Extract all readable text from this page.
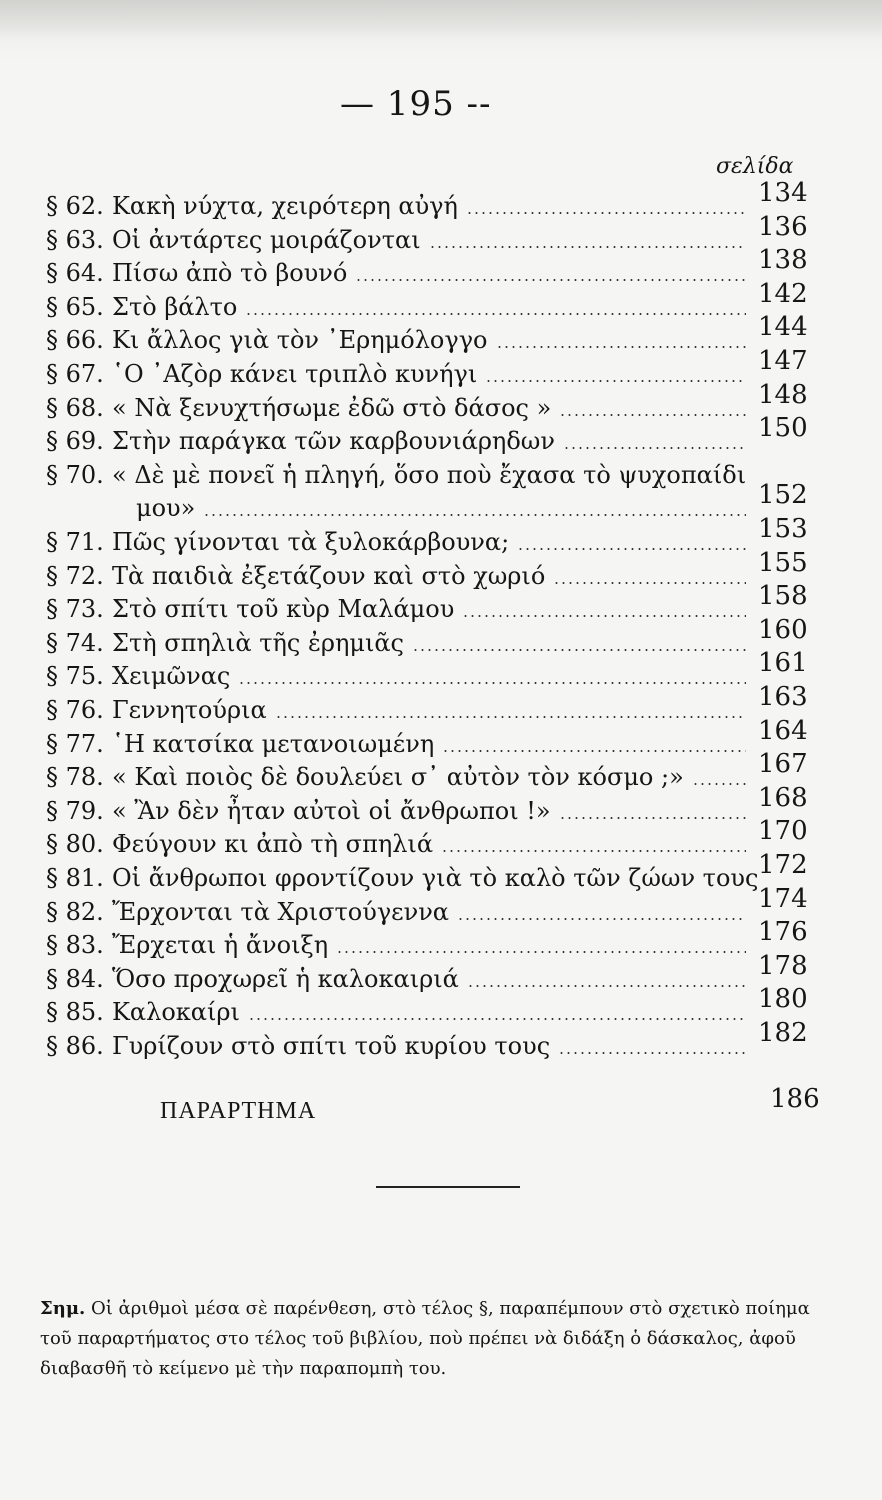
— 195 --
σελίδα
§ 62. Κακὴ νύχτα, χειρότερη αὐγή	134
§ 63. Οἱ ἀντάρτες μοιράζονται	136
§ 64. Πίσω ἀπὸ τὸ βουνό	138
§ 65. Στὸ βάλτο	142
§ 66. Κι ἄλλος γιὰ τὸν ᾿Ερημόλογγο	144
§ 67. ῾Ο ᾿Αζὸρ κάνει τριπλὸ κυνήγι	147
§ 68. « Νὰ ξενυχτήσωμε ἐδῶ στὸ δάσος »	148
§ 69. Στὴν παράγκα τῶν καρβουνιάρηδων	150
§ 70. « Δὲ μὲ πονεῖ ἡ πληγή, ὅσο ποὺ ἔχασα τὸ ψυχοπαίδι
μου»	152
§ 71. Πῶς γίνονται τὰ ξυλοκάρβουνα;	153
§ 72. Τὰ παιδιὰ ἐξετάζουν καὶ στὸ χωριό	155
§ 73. Στὸ σπίτι τοῦ κὺρ Μαλάμου	158
§ 74. Στὴ σπηλιὰ τῆς ἐρημιᾶς	160
§ 75. Χειμῶνας	161
§ 76. Γεννητούρια	163
§ 77. ῾Η κατσίκα μετανοιωμένη	164
§ 78. « Καὶ ποιὸς δὲ δουλεύει σ᾿ αὐτὸν τὸν κόσμο ;»	167
§ 79. « Ἂν δὲν ἦταν αὐτοὶ οἱ ἄνθρωποι !»	168
§ 80. Φεύγουν κι ἀπὸ τὴ σπηλιά	170
§ 81. Οἱ ἄνθρωποι φροντίζουν γιὰ τὸ καλὸ τῶν ζώων τους 172
§ 82. Ἔρχονται τὰ Χριστούγεννα	174
§ 83. Ἔρχεται ἡ ἄνοιξη	176
§ 84. Ὅσο προχωρεῖ ἡ καλοκαιριά	178
§ 85. Καλοκαίρι	180
§ 86. Γυρίζουν στὸ σπίτι τοῦ κυρίου τους	182
ΠΑΡΑΡΤΗΜΑ	186
Σημ. Οἱ ἀριθμοὶ μέσα σὲ παρένθεση, στὸ τέλος §, παραπέμπουν στὸ σχετικὸ ποίημα τοῦ παραρτήματος στο τέλος τοῦ βιβλίου, ποὺ πρέπει νὰ διδάξη ὁ δάσκαλος, ἀφοῦ διαβασθῆ τὸ κείμενο μὲ τὴν παραπομπὴ του.
